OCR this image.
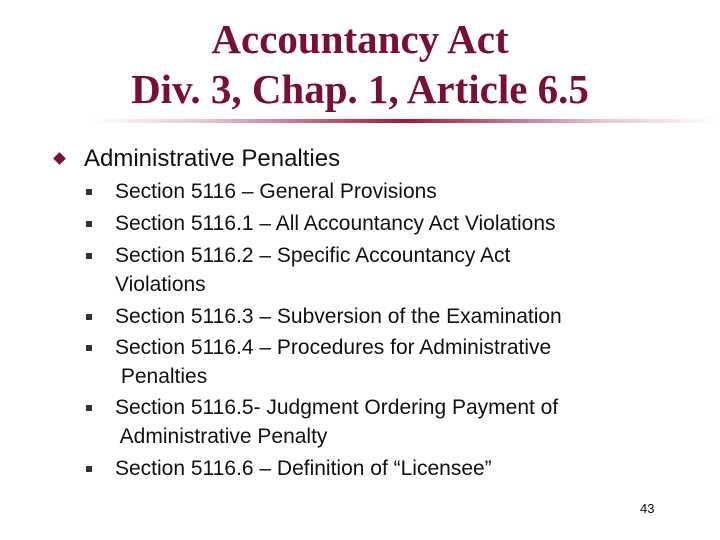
Accountancy Act
Div. 3, Chap. 1, Article 6.5
Administrative Penalties
Section 5116 – General Provisions
Section 5116.1 – All Accountancy Act Violations
Section 5116.2 – Specific Accountancy Act
Violations
Section 5116.3 – Subversion of the Examination
Section 5116.4 – Procedures for Administrative
Penalties
Section 5116.5- Judgment Ordering Payment of
Administrative Penalty
Section 5116.6 – Definition of “Licensee”
43
